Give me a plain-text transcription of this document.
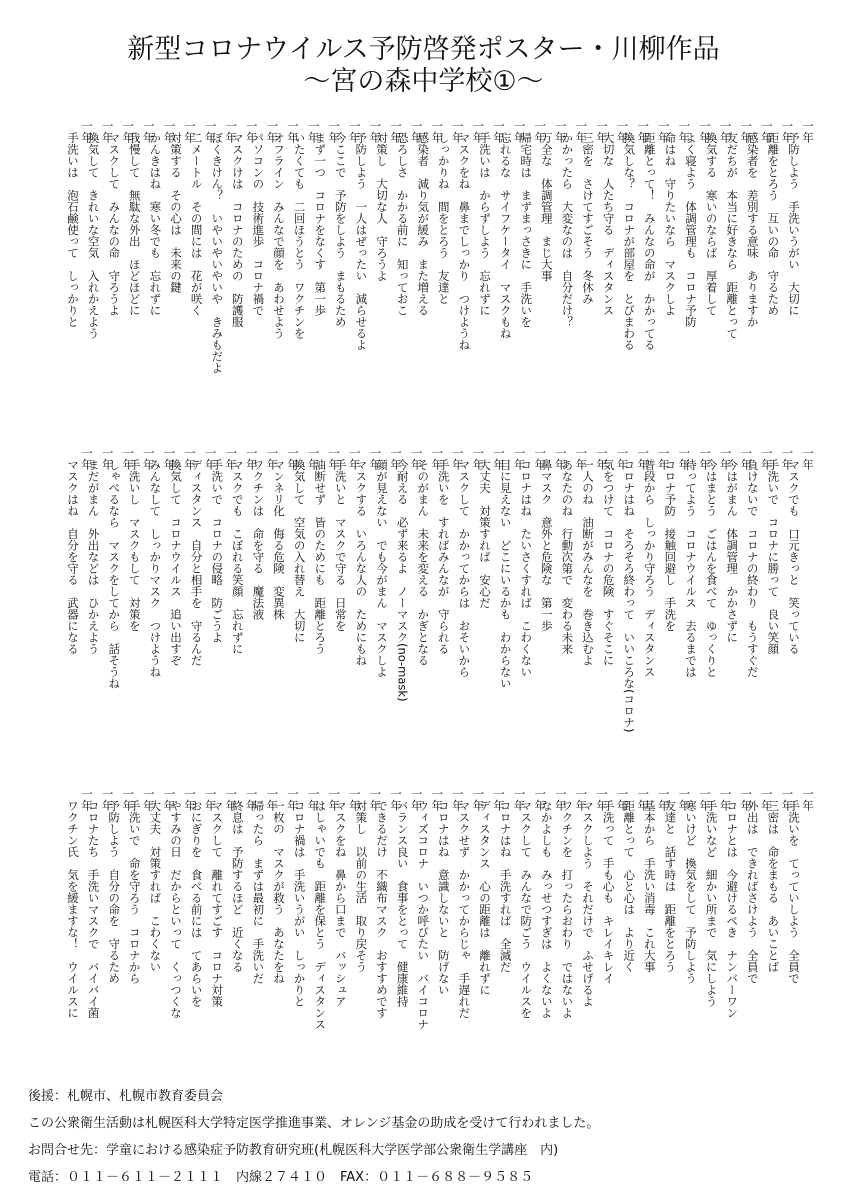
新型コロナウイルス予防啓発ポスター・川柳作品
〜宮の森中学校①〜
一年
予防しよう　手洗いうがい　大切に
一年
距離をとろう　互いの命　守るため
一年
感染者を　差別する意味　ありますか
一年
友だちが　本当に好きなら　距離とって
一年
換気する　寒いのならば　厚着して
一年
よく寝よう　体調管理も　コロナ予防
一年
命はね　守りたいなら　マスクしよ
一年
距離とって！　みんなの命が　かかってる
一年
換気しな？　コロナが部屋を　とびまわる
一年
大切な　人たち守る　ディスタンス
一年
三密を　さけてすごそう　冬休み
一年
かかったら　大変なのは　自分だけ？
一年
万全な　体調管理　まじ大事
一年
帰宅時は　まずまっさきに　手洗いを
一年
忘れるな　サイフケータイ　マスクもね
一年
手洗いは　からずしよう　忘れずに
一年
マスクをね　鼻までしっかり　つけようね
一年
しっかりね　間をとろう　友達と
一年
感染者　減り気が緩み　また増える
一年
恐ろしさ　かかる前に　知っておこ
一年
対策し　大切な人　守ろうよ
一年
予防しよう　一人はぜったい　減らせるよ
一年
今ここで　予防をしよう　まもるため
一年
まず一つ　コロナをなくす　第一歩
一年
いたくても　二回ほうとう　ワクチンを
一年
オフライン　みんなで顔を　あわせよう
一年
パソコンの　技術進歩　コロナ禍で
一年
マスクけは　コロナのための　防護服
一年
ぼくきけん？　いやいやいやいや　きみもだよ
一年
二メートル　その間には　花が咲く
一年
対策する　その心は　未来の鍵
一年
かんきはね　寒い冬でも　忘れずに
一年
我慢して　無駄な外出　ほどほどに
一年
マスクして　みんなの命　守ろうよ
一年
換気して　きれいな空気　入れかえよう
一年
手洗いは　泡石鹸使って　しっかりと
一年
マスクでも　口元きっと　笑っている
一年
手洗いで　コロナに勝って　良い笑顔
一年
負けないで　コロナの終わり　もうすぐだ
一年
今はがまん　体調管理　かかさずに
一年
今はまとう　ごはんを食べて　ゆっくりと
一年
待ってよう　コロナウイルス　去るまでは
一年
コロナ予防　接触回避し　手洗を
一年
普段から　しっかり守ろう　ディスタンス
一年
コロナはね　そろそろ終わって　いいころな(コロナ)
一年
気をつけて　コロナの危険　すぐそこに
一年
一人のね　油断がみんなを　巻き込むよ
一年
あなたのね　行動次第で　変わる未来
一年
鼻マスク　意外と危険な　第一歩
一年
コロナはね　たいさくすれば　こわくない
一年
目に見えない　どこにいるかも　わからない
一年
大丈夫　対策すれば　安心だ
一年
マスクして　かかってからは　おそいから
一年
手洗いを　すればみんなが　守られる
一年
そのがまん　未来を変える　かぎとなる
一年
今耐える　必ず来るよ　ノーマスク(no-mask)
一年
顔が見えない　でも今がまん　マスクしよ
一年
マスクする　いろんな人の　ためにもね
一年
手洗いと　マスクで守る　日常を
一年
油断せず　皆のためにも　距離とろう
一年
換気して　空気の入れ替え　大切に
一年
マンネリ化　侮る危険　変異株
一年
ワクチンは　命を守る　魔法液
一年
マスクでも　こぼれる笑顔　忘れずに
一年
手洗いで　コロナの侵略　防ごうよ
一年
ディスタンス　自分と相手を　守るんだ
一年
換気して　コロナウイルス　追い出すぞ
一年
みんなして　しっかりマスク　つけようね
一年
手洗いし　マスクもして　対策を
一年
しゃべるなら　マスクをしてから　話そうね
一年
まだがまん　外出などは　ひかえよう
一年
マスクはね　自分を守る　武器になる
一年
手洗いを　てっていしよう　全員で
一年
三密は　命をまもる　あいことば
一年
外出は　できればさけよう　全員で
一年
コロナとは　今避けるべき　ナンバーワン
一年
手洗いなど　細かい所まで　気にしよう
一年
寒いけど　換気をして　予防しよう
一年
友達と　話す時は　距離をとろう
一年
基本から　手洗い消毒　これ大事
一年
距離とって　心と心は　より近く
一年
手洗って　手も心も　キレイキレイ
一年
マスクしよう　それだけで　ふせげるよ
一年
ワクチンを　打ったらおわり　ではないよ
一年
なかよしも　みっせつすぎは　よくないよ
一年
マスクして　みんなで防ごう　ウイルスを
一年
コロナはね　手洗すれば　全滅だ
一年
ディスタンス　心の距離は　離れずに
一年
マスクせず　かかってからじゃ　手遅れだ
一年
コロナはね　意識しないと　防げない
一年
ウィズコロナ　いつか呼びたい　バイコロナ
一年
バランス良い　食事をとって　健康維持
一年
できるだけ　不織布マスク　おすすめです
一年
対策し　以前の生活　取り戻そう
一年
マスクをね　鼻から口まで　バッシュア
一年
はしゃいでも　距離を保とう　ディスタンス
一年
コロナ禍は　手洗いうがい　しっかりと
一年
一枚の　マスクが救う　あなたをね
一年
帰ったら　まずは最初に　手洗いだ
一年
終息は　予防するほど　近くなる
一年
マスクして　離れてすごす　コロナ対策
一年
おにぎりを　食べる前には　てあらいを
一年
やすみの日　だからといって　くっつくな
一年
大丈夫　対策すれば　こわくない
一年
手洗いで　命を守ろう　コロナから
一年
予防しよう　自分の命を　守るため
一年
コロナたち　手洗いマスクで　バイバイ菌
一年
ワクチン氏　気を緩ますな！　ウイルスに
後援：札幌市、札幌市教育委員会
この公衆衛生活動は札幌医科大学特定医学推進事業、オレンジ基金の助成を受けて行われました。
お問合せ先：学童における感染症予防教育研究班(札幌医科大学医学部公衆衛生学講座　内)
電話：０１１－６１１－２１１１　内線２７４１０　FAX：０１１－６８８－９５８５
